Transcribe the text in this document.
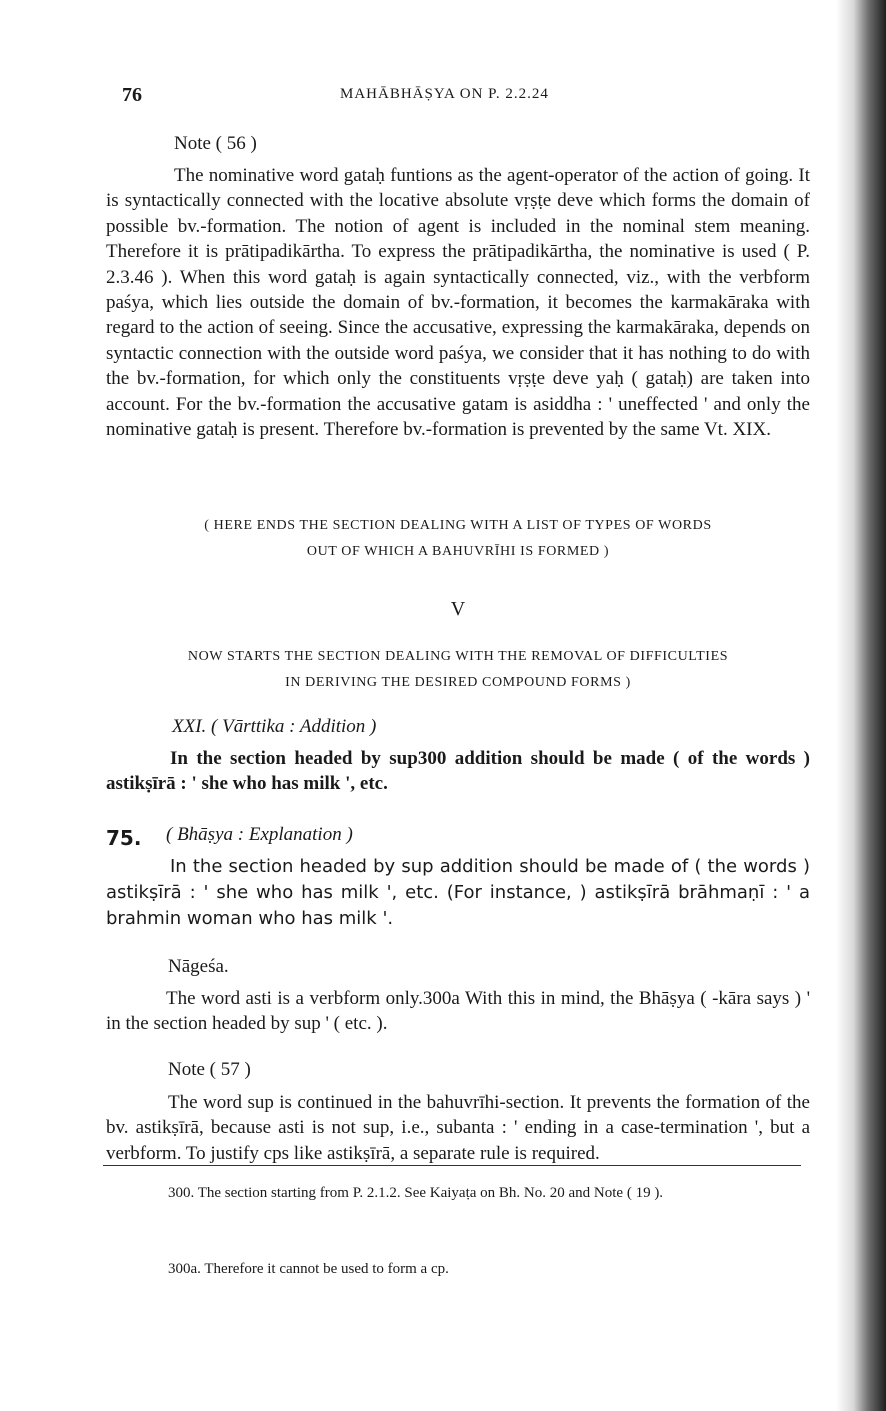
76	MAHĀBHĀṢYA ON P. 2.2.24
Note ( 56 )
The nominative word gataḥ funtions as the agent-operator of the action of going. It is syntactically connected with the locative absolute vṛṣṭe deve which forms the domain of possible bv.-formation. The notion of agent is included in the nominal stem meaning. Therefore it is prātipadikārtha. To express the prātipadikārtha, the nominative is used ( P. 2.3.46 ). When this word gataḥ is again syntactically connected, viz., with the verbform paśya, which lies outside the domain of bv.-formation, it becomes the karmakāraka with regard to the action of seeing. Since the accusative, expressing the karmakāraka, depends on syntactic connection with the outside word paśya, we consider that it has nothing to do with the bv.-formation, for which only the constituents vṛṣṭe deve yaḥ ( gataḥ) are taken into account. For the bv.-formation the accusative gatam is asiddha : ' uneffected ' and only the nominative gataḥ is present. Therefore bv.-formation is prevented by the same Vt. XIX.
( HERE ENDS THE SECTION DEALING WITH A LIST OF TYPES OF WORDS
OUT OF WHICH A BAHUVRĪHI IS FORMED )
V
NOW STARTS THE SECTION DEALING WITH THE REMOVAL OF DIFFICULTIES
IN DERIVING THE DESIRED COMPOUND FORMS )
XXI. ( Vārttika : Addition )
In the section headed by sup300 addition should be made ( of the words ) astikṣīrā : ' she who has milk ', etc.
75. ( Bhāṣya : Explanation )
In the section headed by sup addition should be made of ( the words ) astikṣīrā : ' she who has milk ', etc. (For instance, ) astikṣīrā brāhmaṇī : ' a brahmin woman who has milk '.
Nāgeśa.
The word asti is a verbform only.300a With this in mind, the Bhāṣya ( -kāra says ) ' in the section headed by sup ' ( etc. ).
Note ( 57 )
The word sup is continued in the bahuvrīhi-section. It prevents the formation of the bv. astikṣīrā, because asti is not sup, i.e., subanta : ' ending in a case-termination ', but a verbform. To justify cps like astikṣīrā, a separate rule is required.
300. The section starting from P. 2.1.2. See Kaiyaṭa on Bh. No. 20 and Note ( 19 ).
300a. Therefore it cannot be used to form a cp.
